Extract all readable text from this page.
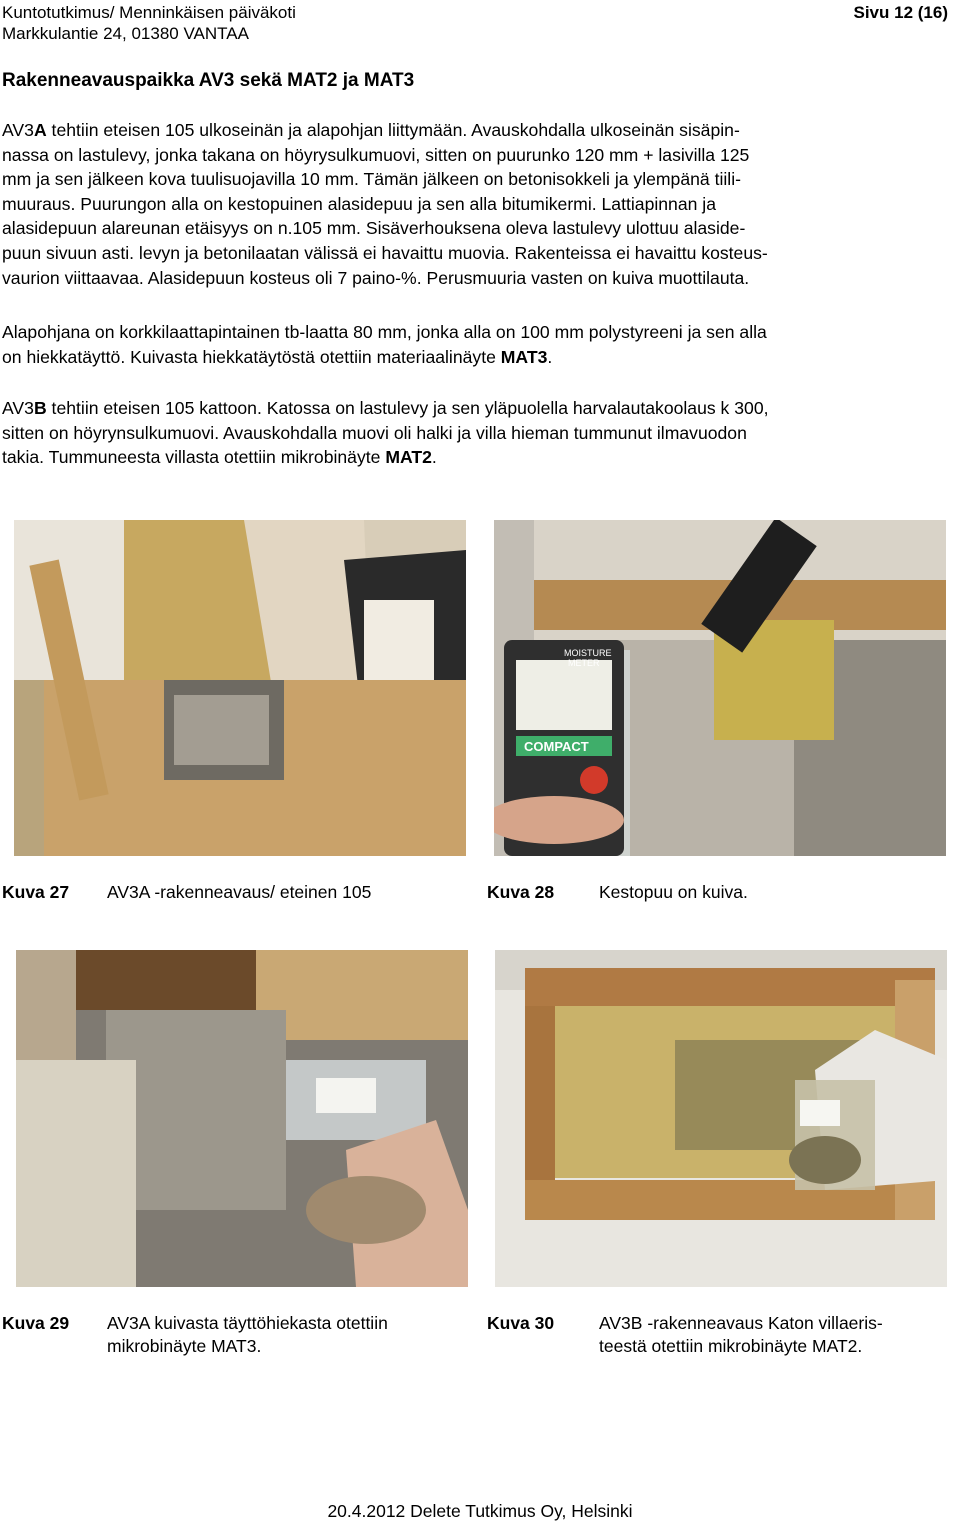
Kuntotutkimus/ Menninkäisen päiväkoti
Markkulantie 24, 01380 VANTAA
Sivu 12 (16)
Rakenneavauspaikka AV3 sekä MAT2 ja MAT3
AV3A tehtiin eteisen 105 ulkoseinän ja alapohjan liittymään. Avauskohdalla ulkoseinän sisäpin-
nassa on lastulevy, jonka takana on höyrysulkumuovi, sitten on puurunko 120 mm + lasivilla 125
mm ja sen jälkeen kova tuulisuojavilla 10 mm. Tämän jälkeen on betonisokkeli ja ylempänä tiili-
muuraus. Puurungon alla on kestopuinen alasidepuu ja sen alla bitumikermi. Lattiapinnan ja
alasidepuun alareunan etäisyys on n.105 mm. Sisäverhouksena oleva lastulevy ulottuu alaside-
puun sivuun asti. levyn ja betonilaatan välissä ei havaittu muovia. Rakenteissa ei havaittu kosteus-
vaurion viittaavaa. Alasidepuun kosteus oli 7 paino-%. Perusmuuria vasten on kuiva muottilauta.
Alapohjana on korkkilaattapintainen tb-laatta 80 mm, jonka alla on 100 mm polystyreeni ja sen alla
on hiekkatäyttö. Kuivasta hiekkatäytöstä otettiin materiaalinäyte MAT3.
AV3B tehtiin eteisen 105 kattoon. Katossa on lastulevy ja sen yläpuolella harvalautakoolaus k 300,
sitten on höyrynsulkumuovi. Avauskohdalla muovi oli halki ja villa hieman tummunut ilmavuodon
takia. Tummuneesta villasta otettiin mikrobinäyte MAT2.
MOISTURE
METER
COMPACT
Kuva 27 AV3A -rakenneavaus/ eteinen 105	Kuva 28	Kestopuu on kuiva.
Kuva 29 AV3A kuivasta täyttöhiekasta otettiin
mikrobinäyte MAT3.
Kuva 30	AV3B -rakenneavaus Katon villaeris-
teestä otettiin mikrobinäyte MAT2.
20.4.2012 Delete Tutkimus Oy, Helsinki
